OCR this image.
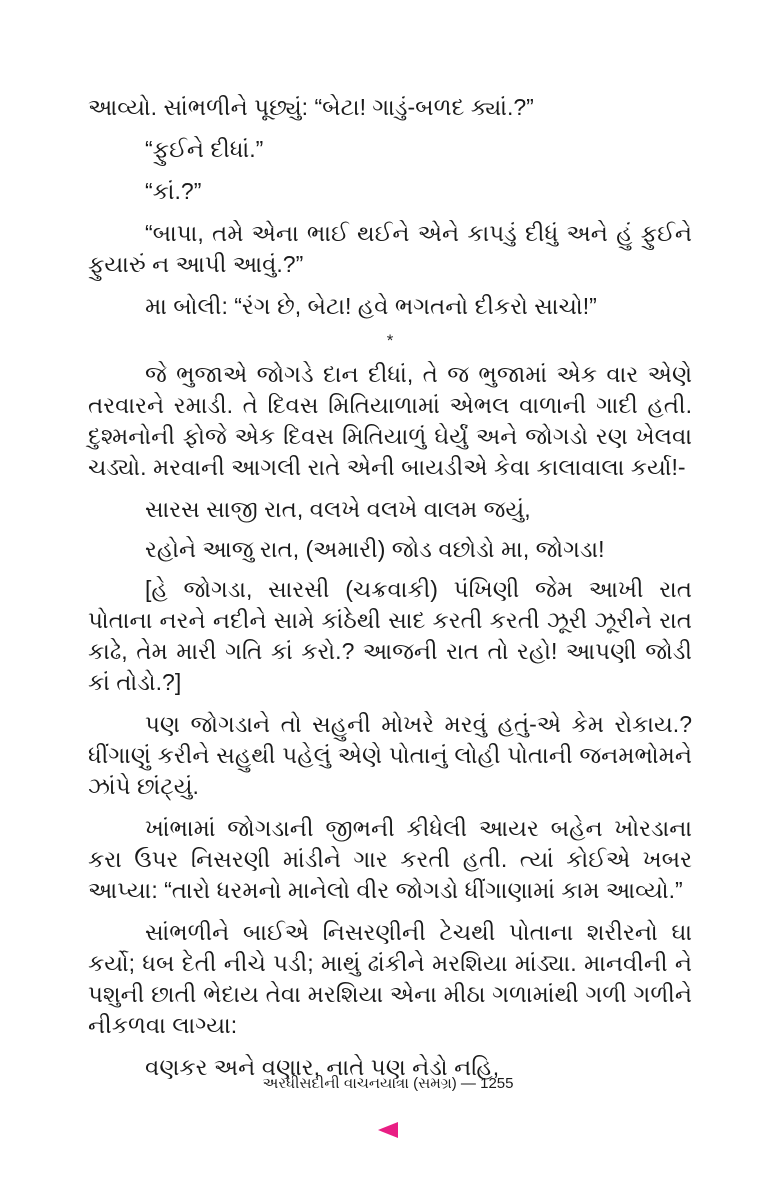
આવ્યો. સાંભળીને પૂછ્યું: “બેટા! ગાડું-બળદ ક્યાં.?”

“ફુઈને દીધાં.”

“કાં.?”

“બાપા, તમે એના ભાઈ થઈને એને કાપડું દીધું અને હું ફુઈને ફુયારું ન આપી આવું.?”

મા બોલી: “રંગ છે, બેટા! હવે ભગતનો દીકરો સાચો!”

*

જે ભુજાએ જોગડે દાન દીધાં, તે જ ભુજામાં એક વાર એણે તરવારને રમાડી. તે દિવસ મિતિયાળામાં એભલ વાળાની ગાદી હતી. દુશ્મનોની ફોજે એક દિવસ મિતિયાળું ઘેર્યું અને જોગડો રણ ખેલવા ચડ્યો. મરવાની આગલી રાતે એની બાયડીએ કેવા કાલાવાલા કર્યા!-

સારસ સાજી રાત, વલખે વલખે વાલમ જયું,

રહોને આજુ રાત, (અમારી) જોડ વછોડો મા, જોગડા!

[હે જોગડા, સારસી (ચક્રવાકી) પંખિણી જેમ આખી રાત પોતાના નરને નદીને સામે કાંઠેથી સાદ કરતી કરતી ઝૂરી ઝૂરીને રાત કાઢે, તેમ મારી ગતિ કાં કરો.? આજની રાત તો રહો! આપણી જોડી કાં તોડો.?]

પણ જોગડાને તો સહુની મોખરે મરવું હતું-એ કેમ રોકાય.? ધીંગાણું કરીને સહુથી પહેલું એણે પોતાનું લોહી પોતાની જનમભોમને ઝાંપે છાંટ્યું.

ખાંભામાં જોગડાની જીભની કીધેલી આયર બહેન ખોરડાના કરા ઉપર નિસરણી માંડીને ગાર કરતી હતી. ત્યાં કોઈએ ખબર આપ્યા: “તારો ધરમનો માનેલો વીર જોગડો ધીંગાણામાં કામ આવ્યો.”

સાંભળીને બાઈએ નિસરણીની ટેચથી પોતાના શરીરનો ઘા કર્યો; ધબ દેતી નીચે પડી; માથું ઢાંકીને મરશિયા માંડ્યા. માનવીની ને પશુની છાતી ભેદાય તેવા મરશિયા એના મીઠા ગળામાંથી ગળી ગળીને નીકળવા લાગ્યા:

વણકર અને વણાર, નાતે પણ નેડો નહિ,

અરધીસદીની વાચનયાત્રા (સમગ્ર) — 1255
